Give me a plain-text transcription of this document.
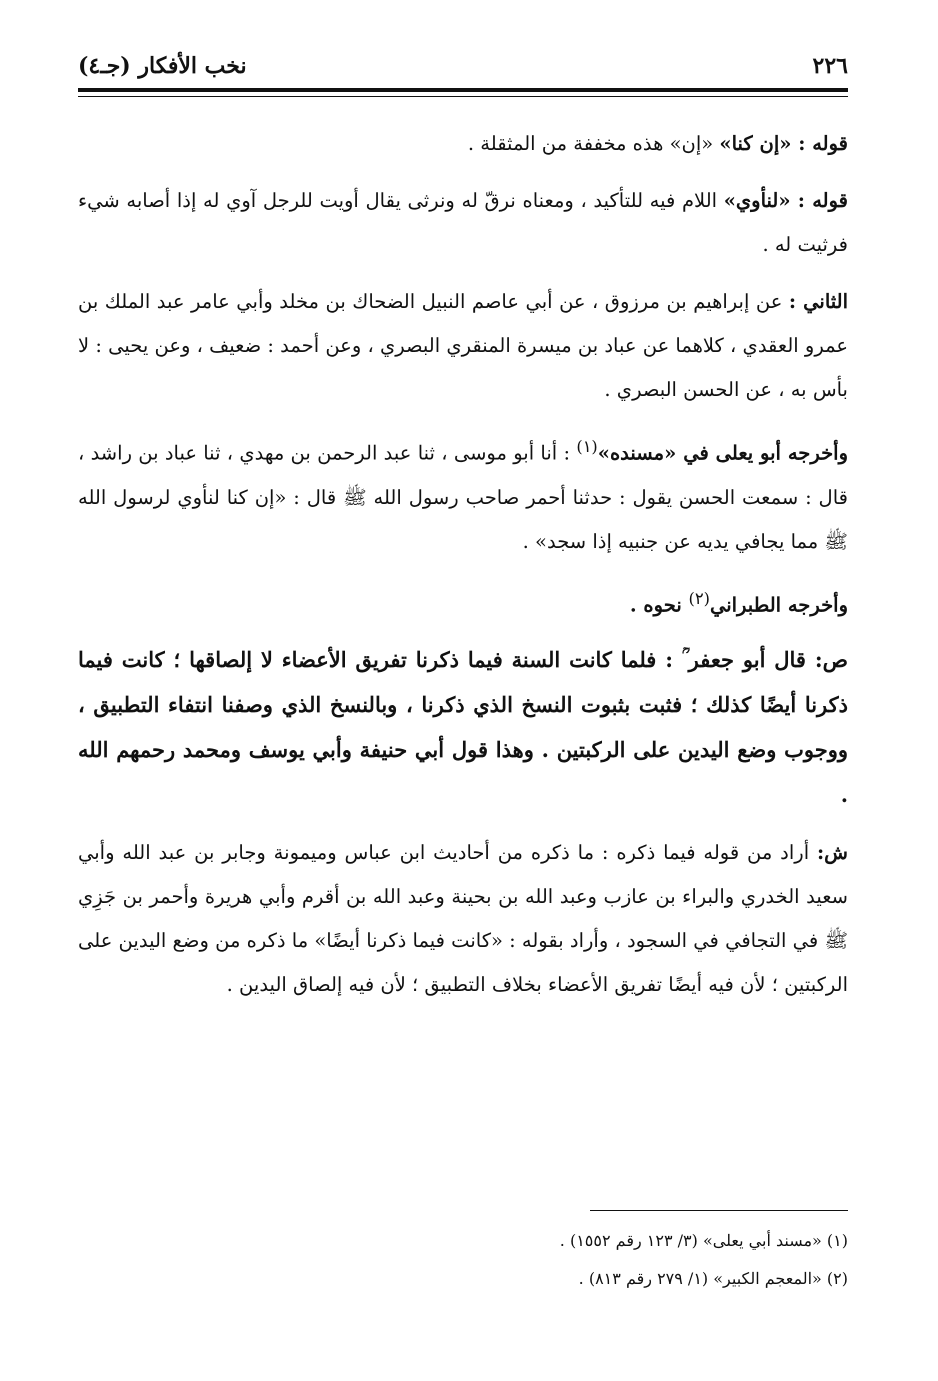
٢٢٦
نخب الأفكار (جـ٤)

قوله : «إن كنا» «إن» هذه مخففة من المثقلة .

قوله : «لنأوي» اللام فيه للتأكيد ، ومعناه نرقّ له ونرثى يقال أويت للرجل آوي له إذا أصابه شيء فرثيت له .

الثاني : عن إبراهيم بن مرزوق ، عن أبي عاصم النبيل الضحاك بن مخلد وأبي عامر عبد الملك بن عمرو العقدي ، كلاهما عن عباد بن ميسرة المنقري البصري ، وعن أحمد : ضعيف ، وعن يحيى : لا بأس به ، عن الحسن البصري .

وأخرجه أبو يعلى في «مسنده»$^{(١)}$ : أنا أبو موسى ، ثنا عبد الرحمن بن مهدي ، ثنا عباد بن راشد ، قال : سمعت الحسن يقول : حدثنا أحمر صاحب رسول الله ﷺ قال : «إن كنا لنأوي لرسول الله ﷺ مما يجافي يديه عن جنبيه إذا سجد» .

وأخرجه الطبراني$^{(٢)}$ نحوه .

ص: قال أبو جعفر ؒ : فلما كانت السنة فيما ذكرنا تفريق الأعضاء لا إلصاقها ؛ كانت فيما ذكرنا أيضًا كذلك ؛ فثبت بثبوت النسخ الذي ذكرنا ، وبالنسخ الذي وصفنا انتفاء التطبيق ، ووجوب وضع اليدين على الركبتين . وهذا قول أبي حنيفة وأبي يوسف ومحمد رحمهم الله .

ش: أراد من قوله فيما ذكره : ما ذكره من أحاديث ابن عباس وميمونة وجابر بن عبد الله وأبي سعيد الخدري والبراء بن عازب وعبد الله بن بحينة وعبد الله بن أقرم وأبي هريرة وأحمر بن جَزِي ﷺ في التجافي في السجود ، وأراد بقوله : «كانت فيما ذكرنا أيضًا» ما ذكره من وضع اليدين على الركبتين ؛ لأن فيه أيضًا تفريق الأعضاء بخلاف التطبيق ؛ لأن فيه إلصاق اليدين .

(١) «مسند أبي يعلى» (٣/ ١٢٣ رقم ١٥٥٢) .

(٢) «المعجم الكبير» (١/ ٢٧٩ رقم ٨١٣) .
